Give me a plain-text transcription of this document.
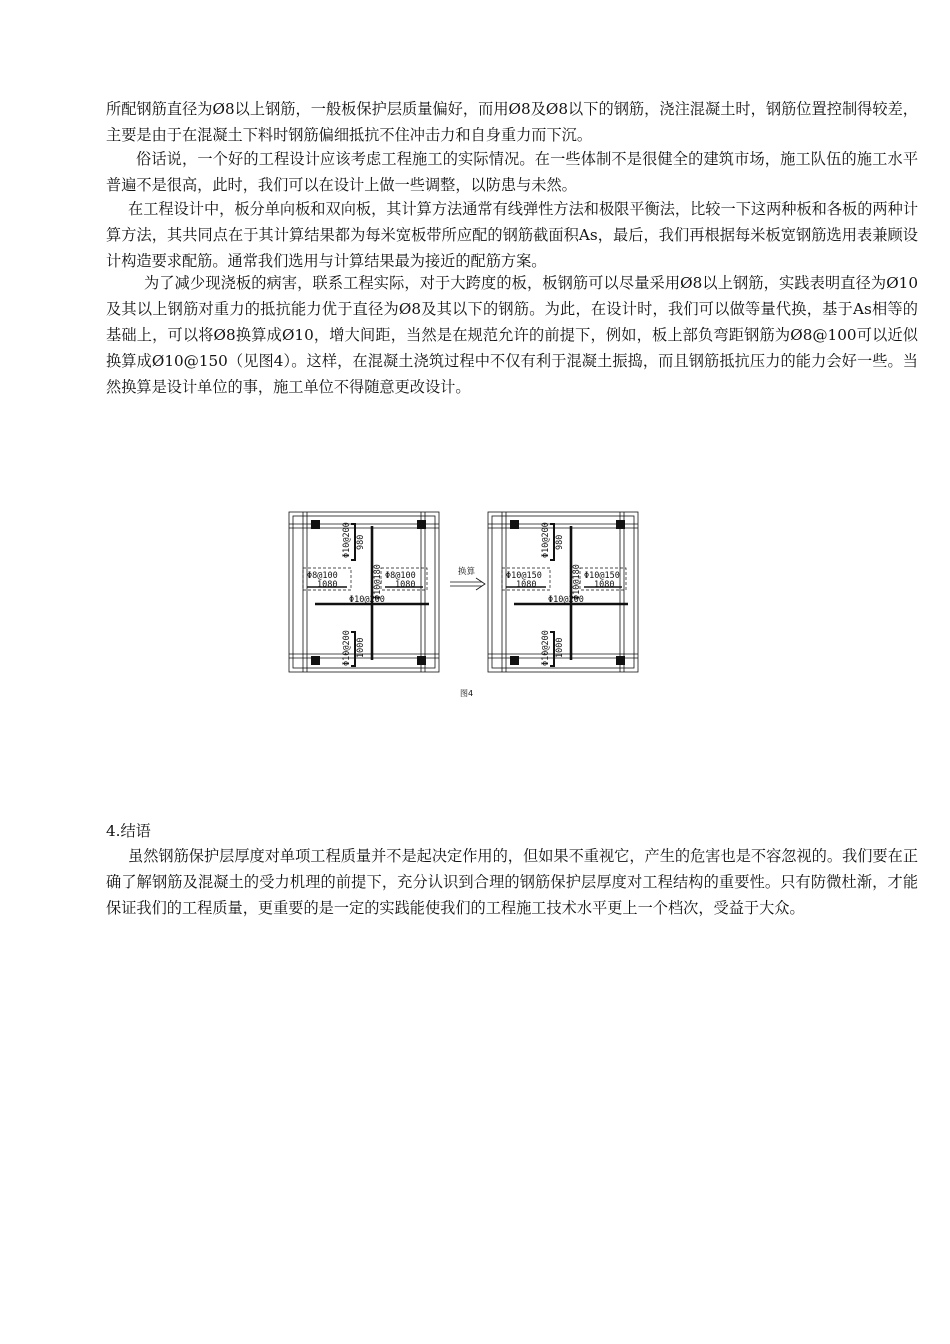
所配钢筋直径为Ø8以上钢筋，一般板保护层质量偏好，而用Ø8及Ø8以下的钢筋，浇注混凝土时，钢筋位置控制得较差，主要是由于在混凝土下料时钢筋偏细抵抗不住冲击力和自身重力而下沉。

俗话说，一个好的工程设计应该考虑工程施工的实际情况。在一些体制不是很健全的建筑市场，施工队伍的施工水平普遍不是很高，此时，我们可以在设计上做一些调整，以防患与未然。

在工程设计中，板分单向板和双向板，其计算方法通常有线弹性方法和极限平衡法，比较一下这两种板和各板的两种计算方法，其共同点在于其计算结果都为每米宽板带所应配的钢筋截面积As，最后，我们再根据每米板宽钢筋选用表兼顾设计构造要求配筋。通常我们选用与计算结果最为接近的配筋方案。

为了减少现浇板的病害，联系工程实际，对于大跨度的板，板钢筋可以尽量采用Ø8以上钢筋，实践表明直径为Ø10及其以上钢筋对重力的抵抗能力优于直径为Ø8及其以下的钢筋。为此，在设计时，我们可以做等量代换，基于As相等的基础上，可以将Ø8换算成Ø10，增大间距，当然是在规范允许的前提下，例如，板上部负弯距钢筋为Ø8@100可以近似换算成Ø10@150（见图4）。这样，在混凝土浇筑过程中不仅有利于混凝土振捣，而且钢筋抵抗压力的能力会好一些。当然换算是设计单位的事，施工单位不得随意更改设计。

Φ10@200 980
Φ10@180
Φ8@100
1080
Φ8@100
1080
Φ10@200
Φ10@200 1000
Φ10@200 980
Φ10@180
Φ10@150
1080
Φ10@150
1080
Φ10@200
Φ10@200 1000
换算
图4

4.结语

虽然钢筋保护层厚度对单项工程质量并不是起决定作用的，但如果不重视它，产生的危害也是不容忽视的。我们要在正确了解钢筋及混凝土的受力机理的前提下，充分认识到合理的钢筋保护层厚度对工程结构的重要性。只有防微杜渐，才能保证我们的工程质量，更重要的是一定的实践能使我们的工程施工技术水平更上一个档次，受益于大众。
